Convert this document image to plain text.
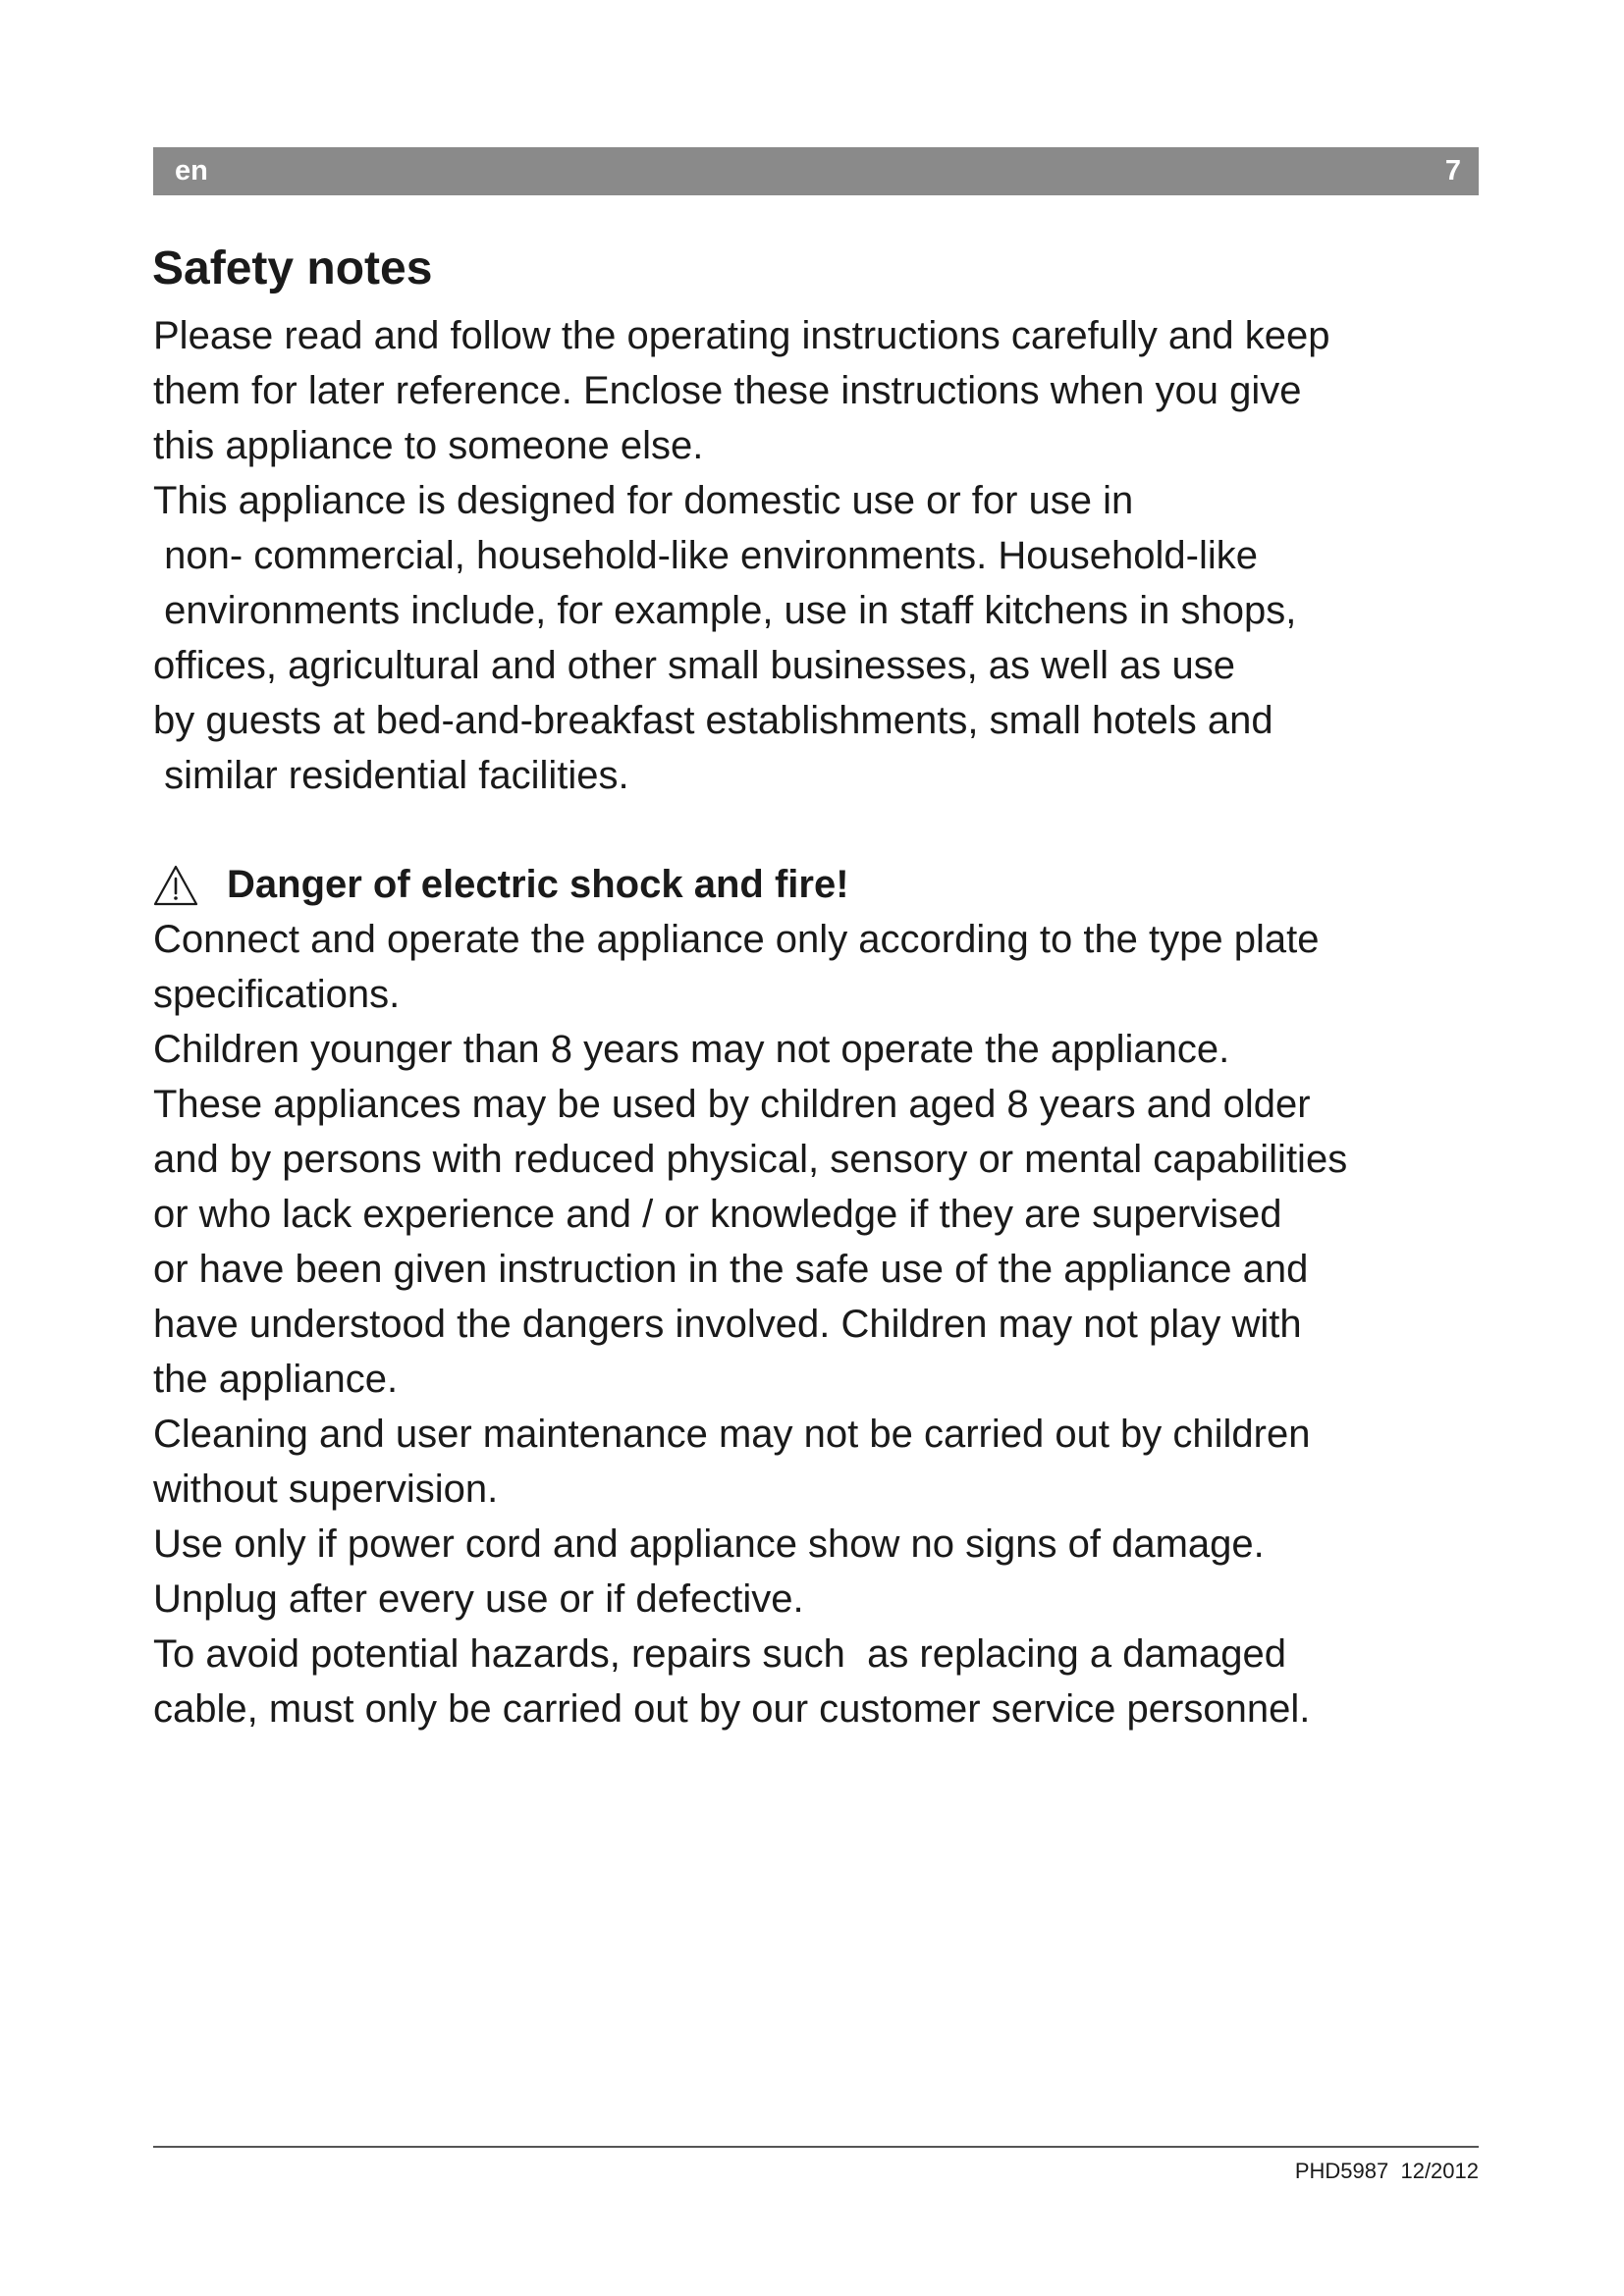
en	7
Safety notes
Please read and follow the operating instructions carefully and keep
them for later reference. Enclose these instructions when you give
this appliance to someone else.
This appliance is designed for domestic use or for use in
non- commercial, household-like environments. Household-like
environments include, for example, use in staff kitchens in shops,
offices, agricultural and other small businesses, as well as use
by guests at bed-and-breakfast establishments, small hotels and
similar residential facilities.
Danger of electric shock and fire!
Connect and operate the appliance only according to the type plate
specifications.
Children younger than 8 years may not operate the appliance.
These appliances may be used by children aged 8 years and older
and by persons with reduced physical, sensory or mental capabilities
or who lack experience and / or knowledge if they are supervised
or have been given instruction in the safe use of the appliance and
have understood the dangers involved. Children may not play with
the appliance.
Cleaning and user maintenance may not be carried out by children
without supervision.
Use only if power cord and appliance show no signs of damage.
Unplug after every use or if defective.
To avoid potential hazards, repairs such  as replacing a damaged
cable, must only be carried out by our customer service personnel.
PHD5987  12/2012
